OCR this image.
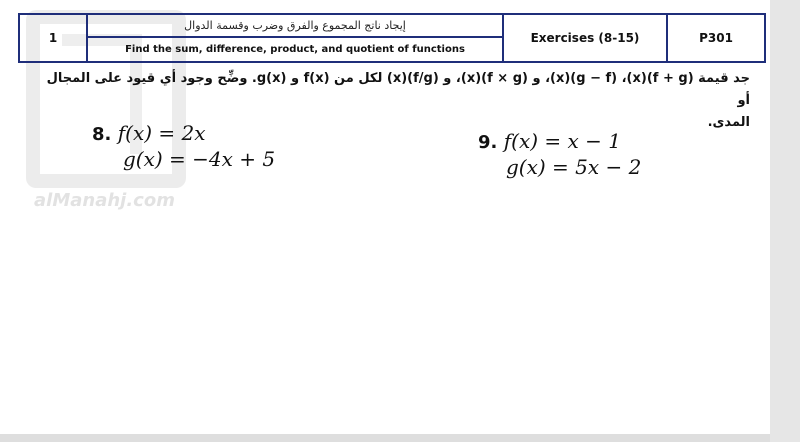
alManahj.com
1
إيجاد ناتج المجموع والفرق وضرب وقسمة الدوال
Find the sum, difference, product, and quotient of functions
Exercises (8-15)	P301
جد قيمة (f + g)(x)، (g − f)(x)، و (f × g)(x)، و (f/g)(x) لكل من f(x) و g(x). وضِّح وجود أي قيود على المجال أو
المدى.
8. f(x) = 2x
g(x) = −4x + 5
9. f(x) = x − 1
g(x) = 5x − 2
